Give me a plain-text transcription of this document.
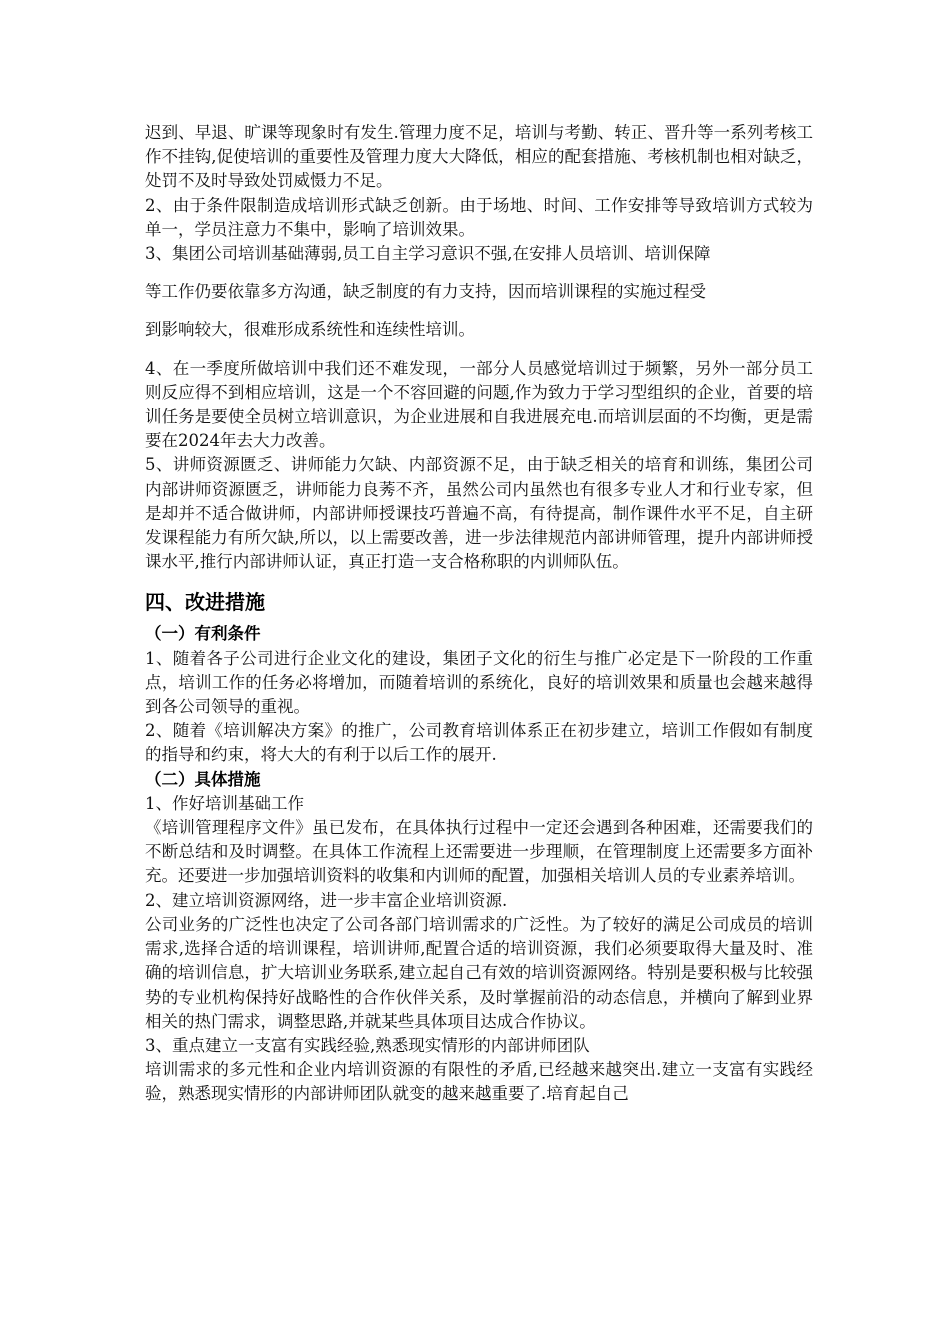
迟到、早退、旷课等现象时有发生.管理力度不足，培训与考勤、转正、晋升等一系列考核工作不挂钩,促使培训的重要性及管理力度大大降低，相应的配套措施、考核机制也相对缺乏，处罚不及时导致处罚威慑力不足。

2、由于条件限制造成培训形式缺乏创新。由于场地、时间、工作安排等导致培训方式较为单一，学员注意力不集中，影响了培训效果。

3、集团公司培训基础薄弱,员工自主学习意识不强,在安排人员培训、培训保障

等工作仍要依靠多方沟通，缺乏制度的有力支持，因而培训课程的实施过程受

到影响较大，很难形成系统性和连续性培训。

4、在一季度所做培训中我们还不难发现，一部分人员感觉培训过于频繁，另外一部分员工则反应得不到相应培训，这是一个不容回避的问题,作为致力于学习型组织的企业，首要的培训任务是要使全员树立培训意识，为企业进展和自我进展充电.而培训层面的不均衡，更是需要在2024年去大力改善。

5、讲师资源匮乏、讲师能力欠缺、内部资源不足，由于缺乏相关的培育和训练，集团公司内部讲师资源匮乏，讲师能力良莠不齐，虽然公司内虽然也有很多专业人才和行业专家，但是却并不适合做讲师，内部讲师授课技巧普遍不高，有待提高，制作课件水平不足，自主研发课程能力有所欠缺,所以，以上需要改善，进一步法律规范内部讲师管理，提升内部讲师授课水平,推行内部讲师认证，真正打造一支合格称职的内训师队伍。

四、改进措施
（一）有利条件

1、随着各子公司进行企业文化的建设，集团子文化的衍生与推广必定是下一阶段的工作重点，培训工作的任务必将增加，而随着培训的系统化，良好的培训效果和质量也会越来越得到各公司领导的重视。

2、随着《培训解决方案》的推广，公司教育培训体系正在初步建立，培训工作假如有制度的指导和约束，将大大的有利于以后工作的展开.

（二）具体措施

1、作好培训基础工作

《培训管理程序文件》虽已发布，在具体执行过程中一定还会遇到各种困难，还需要我们的不断总结和及时调整。在具体工作流程上还需要进一步理顺，在管理制度上还需要多方面补充。还要进一步加强培训资料的收集和内训师的配置，加强相关培训人员的专业素养培训。

2、建立培训资源网络，进一步丰富企业培训资源.

公司业务的广泛性也决定了公司各部门培训需求的广泛性。为了较好的满足公司成员的培训需求,选择合适的培训课程，培训讲师,配置合适的培训资源，我们必须要取得大量及时、准确的培训信息，扩大培训业务联系,建立起自己有效的培训资源网络。特别是要积极与比较强势的专业机构保持好战略性的合作伙伴关系，及时掌握前沿的动态信息，并横向了解到业界相关的热门需求，调整思路,并就某些具体项目达成合作协议。

3、重点建立一支富有实践经验,熟悉现实情形的内部讲师团队

培训需求的多元性和企业内培训资源的有限性的矛盾,已经越来越突出.建立一支富有实践经验，熟悉现实情形的内部讲师团队就变的越来越重要了.培育起自己
